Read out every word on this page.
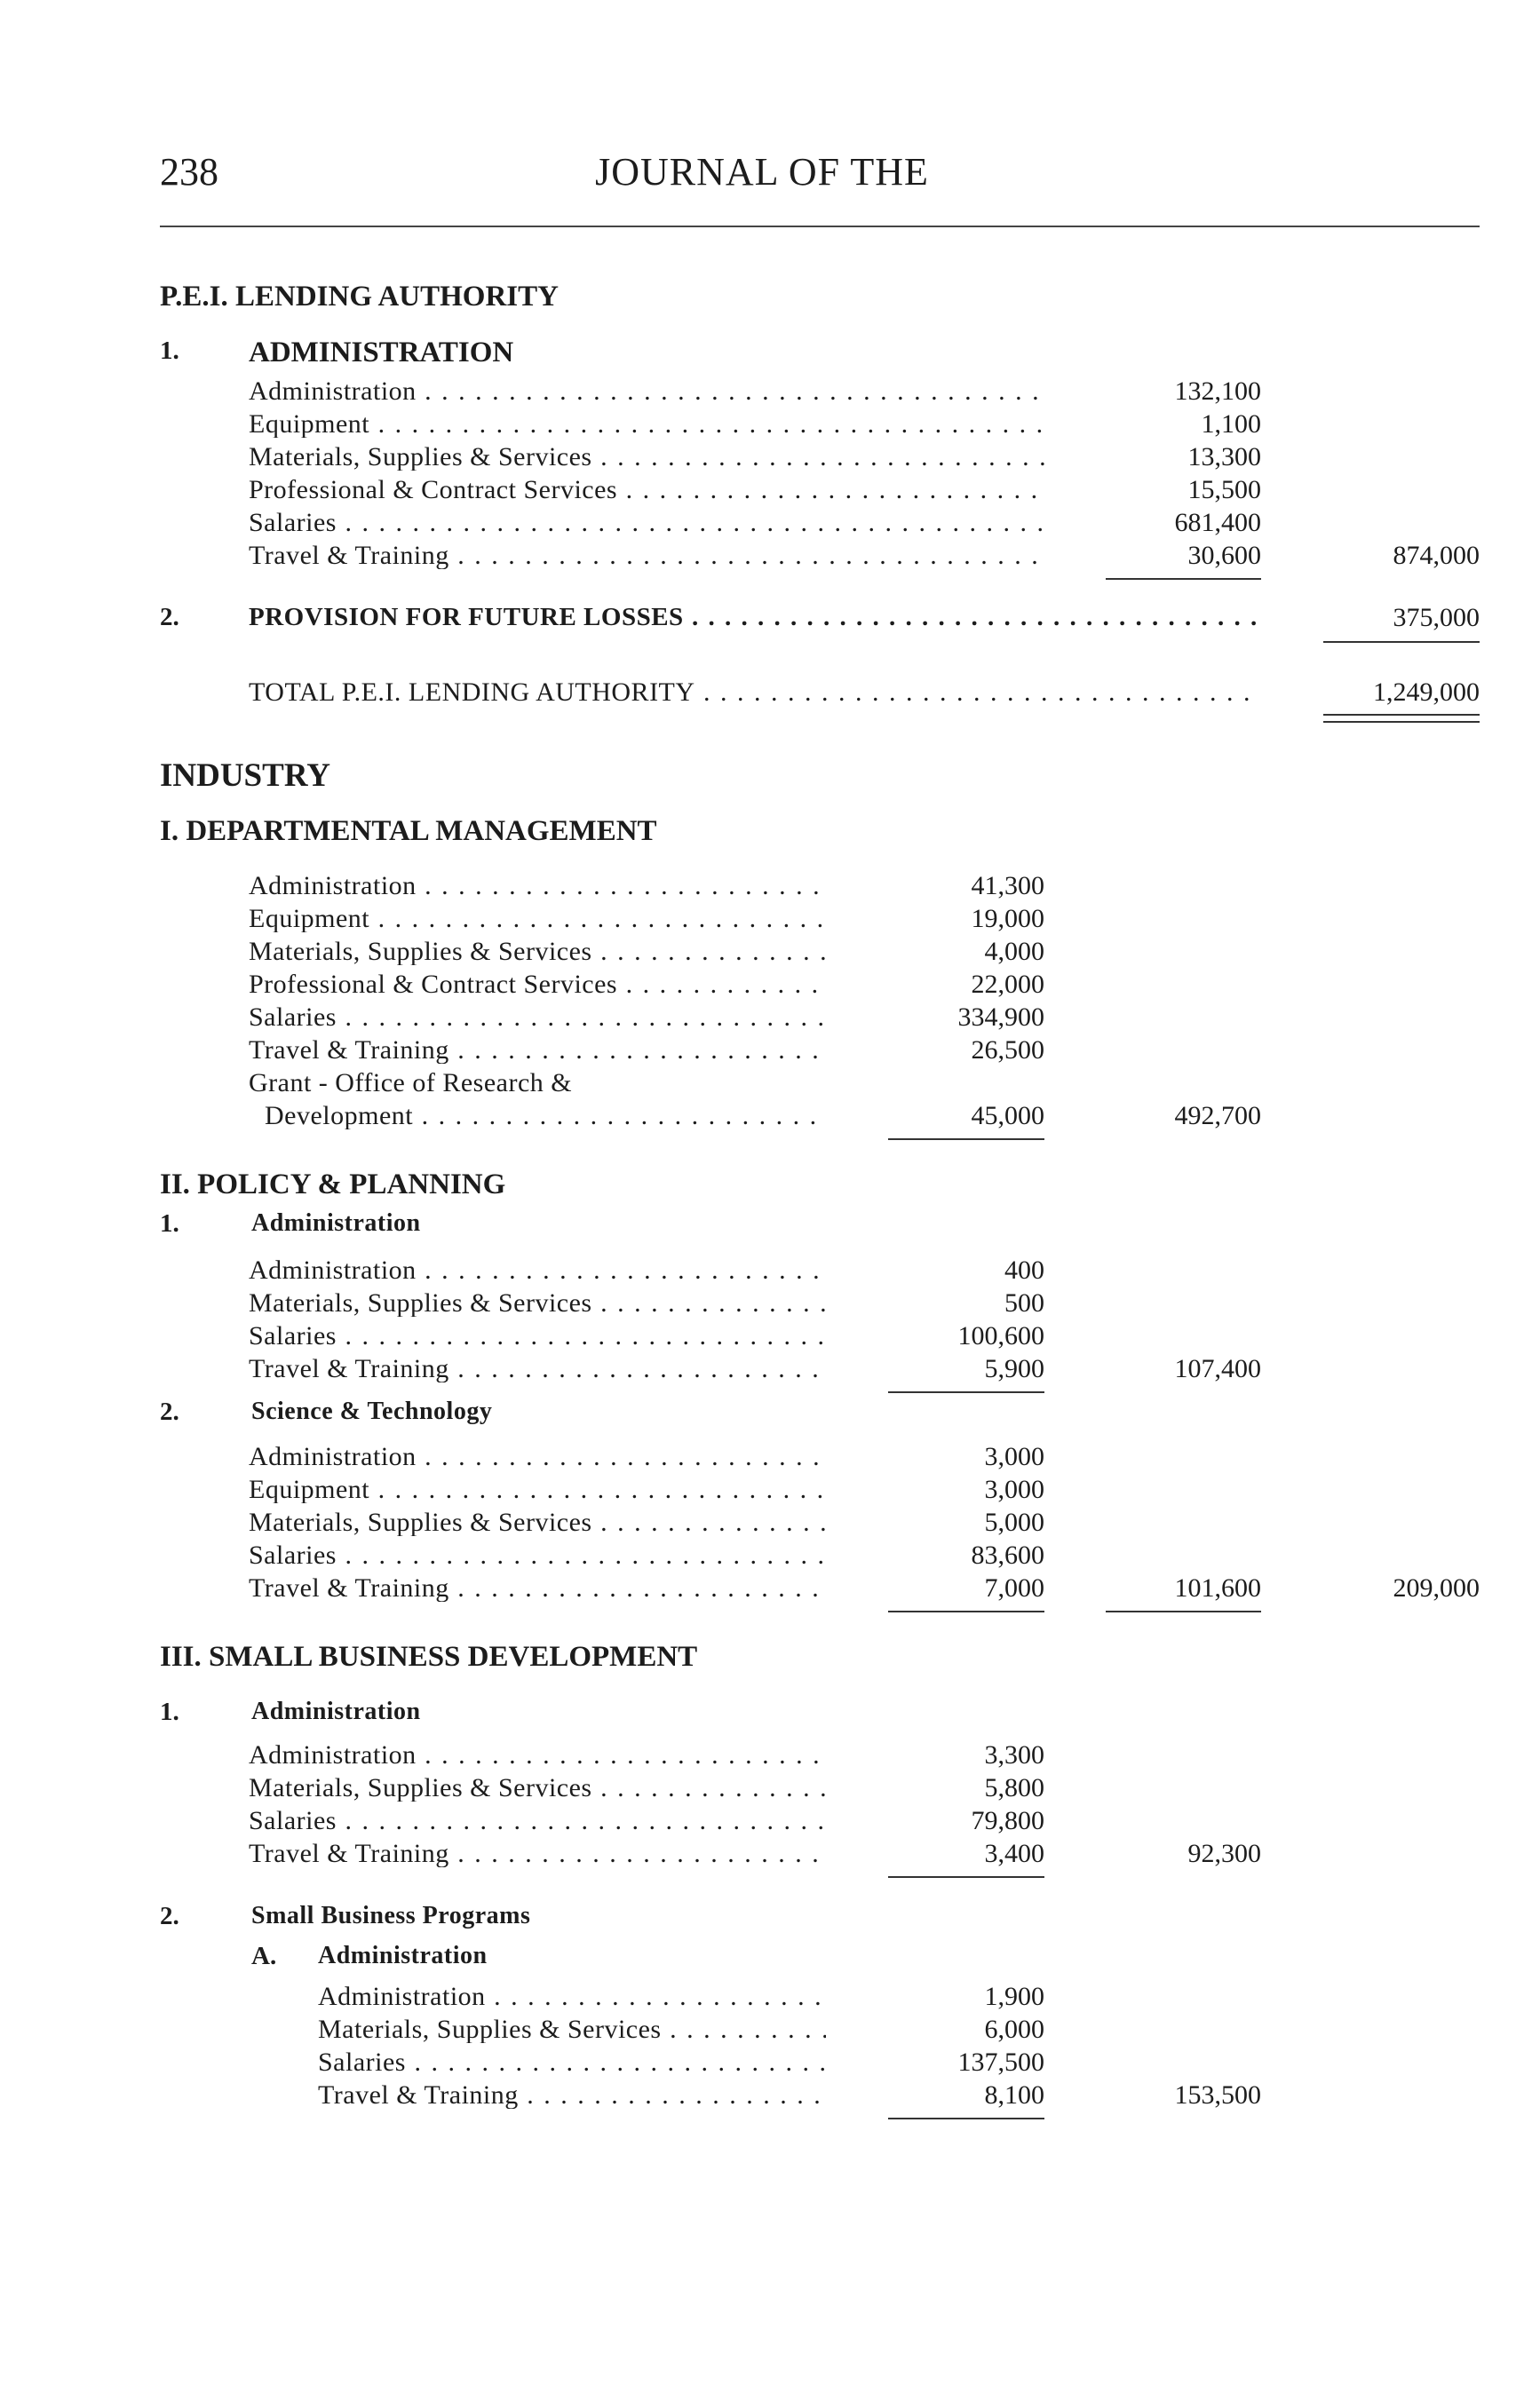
238	JOURNAL OF THE
P.E.I. LENDING AUTHORITY
1. ADMINISTRATION
Administration . . .	132,100
Equipment . . .	1,100
Materials, Supplies & Services . . .	13,300
Professional & Contract Services . . .	15,500
Salaries . . .	681,400
Travel & Training . . .	30,600	874,000
2.	PROVISION FOR FUTURE LOSSES . . .	375,000
TOTAL P.E.I. LENDING AUTHORITY . . .	1,249,000
INDUSTRY
I. DEPARTMENTAL MANAGEMENT
Administration . . .	41,300
Equipment . . .	19,000
Materials, Supplies & Services . . .	4,000
Professional & Contract Services . . .	22,000
Salaries . . .	334,900
Travel & Training . . .	26,500
Grant - Office of Research &
Development . . .	45,000	492,700
II. POLICY & PLANNING
1.	Administration
Administration . . .	400
Materials, Supplies & Services . . .	500
Salaries . . .	100,600
Travel & Training . . .	5,900	107,400
2.	Science & Technology
Administration . . .	3,000
Equipment . . .	3,000
Materials, Supplies & Services . . .	5,000
Salaries . . .	83,600
Travel & Training . . .	7,000	101,600	209,000
III. SMALL BUSINESS DEVELOPMENT
1.	Administration
Administration . . .	3,300
Materials, Supplies & Services . . .	5,800
Salaries . . .	79,800
Travel & Training . . .	3,400	92,300
2.	Small Business Programs
A. Administration
Administration . . .	1,900
Materials, Supplies & Services . . .	6,000
Salaries . . .	137,500
Travel & Training . . .	8,100	153,500
